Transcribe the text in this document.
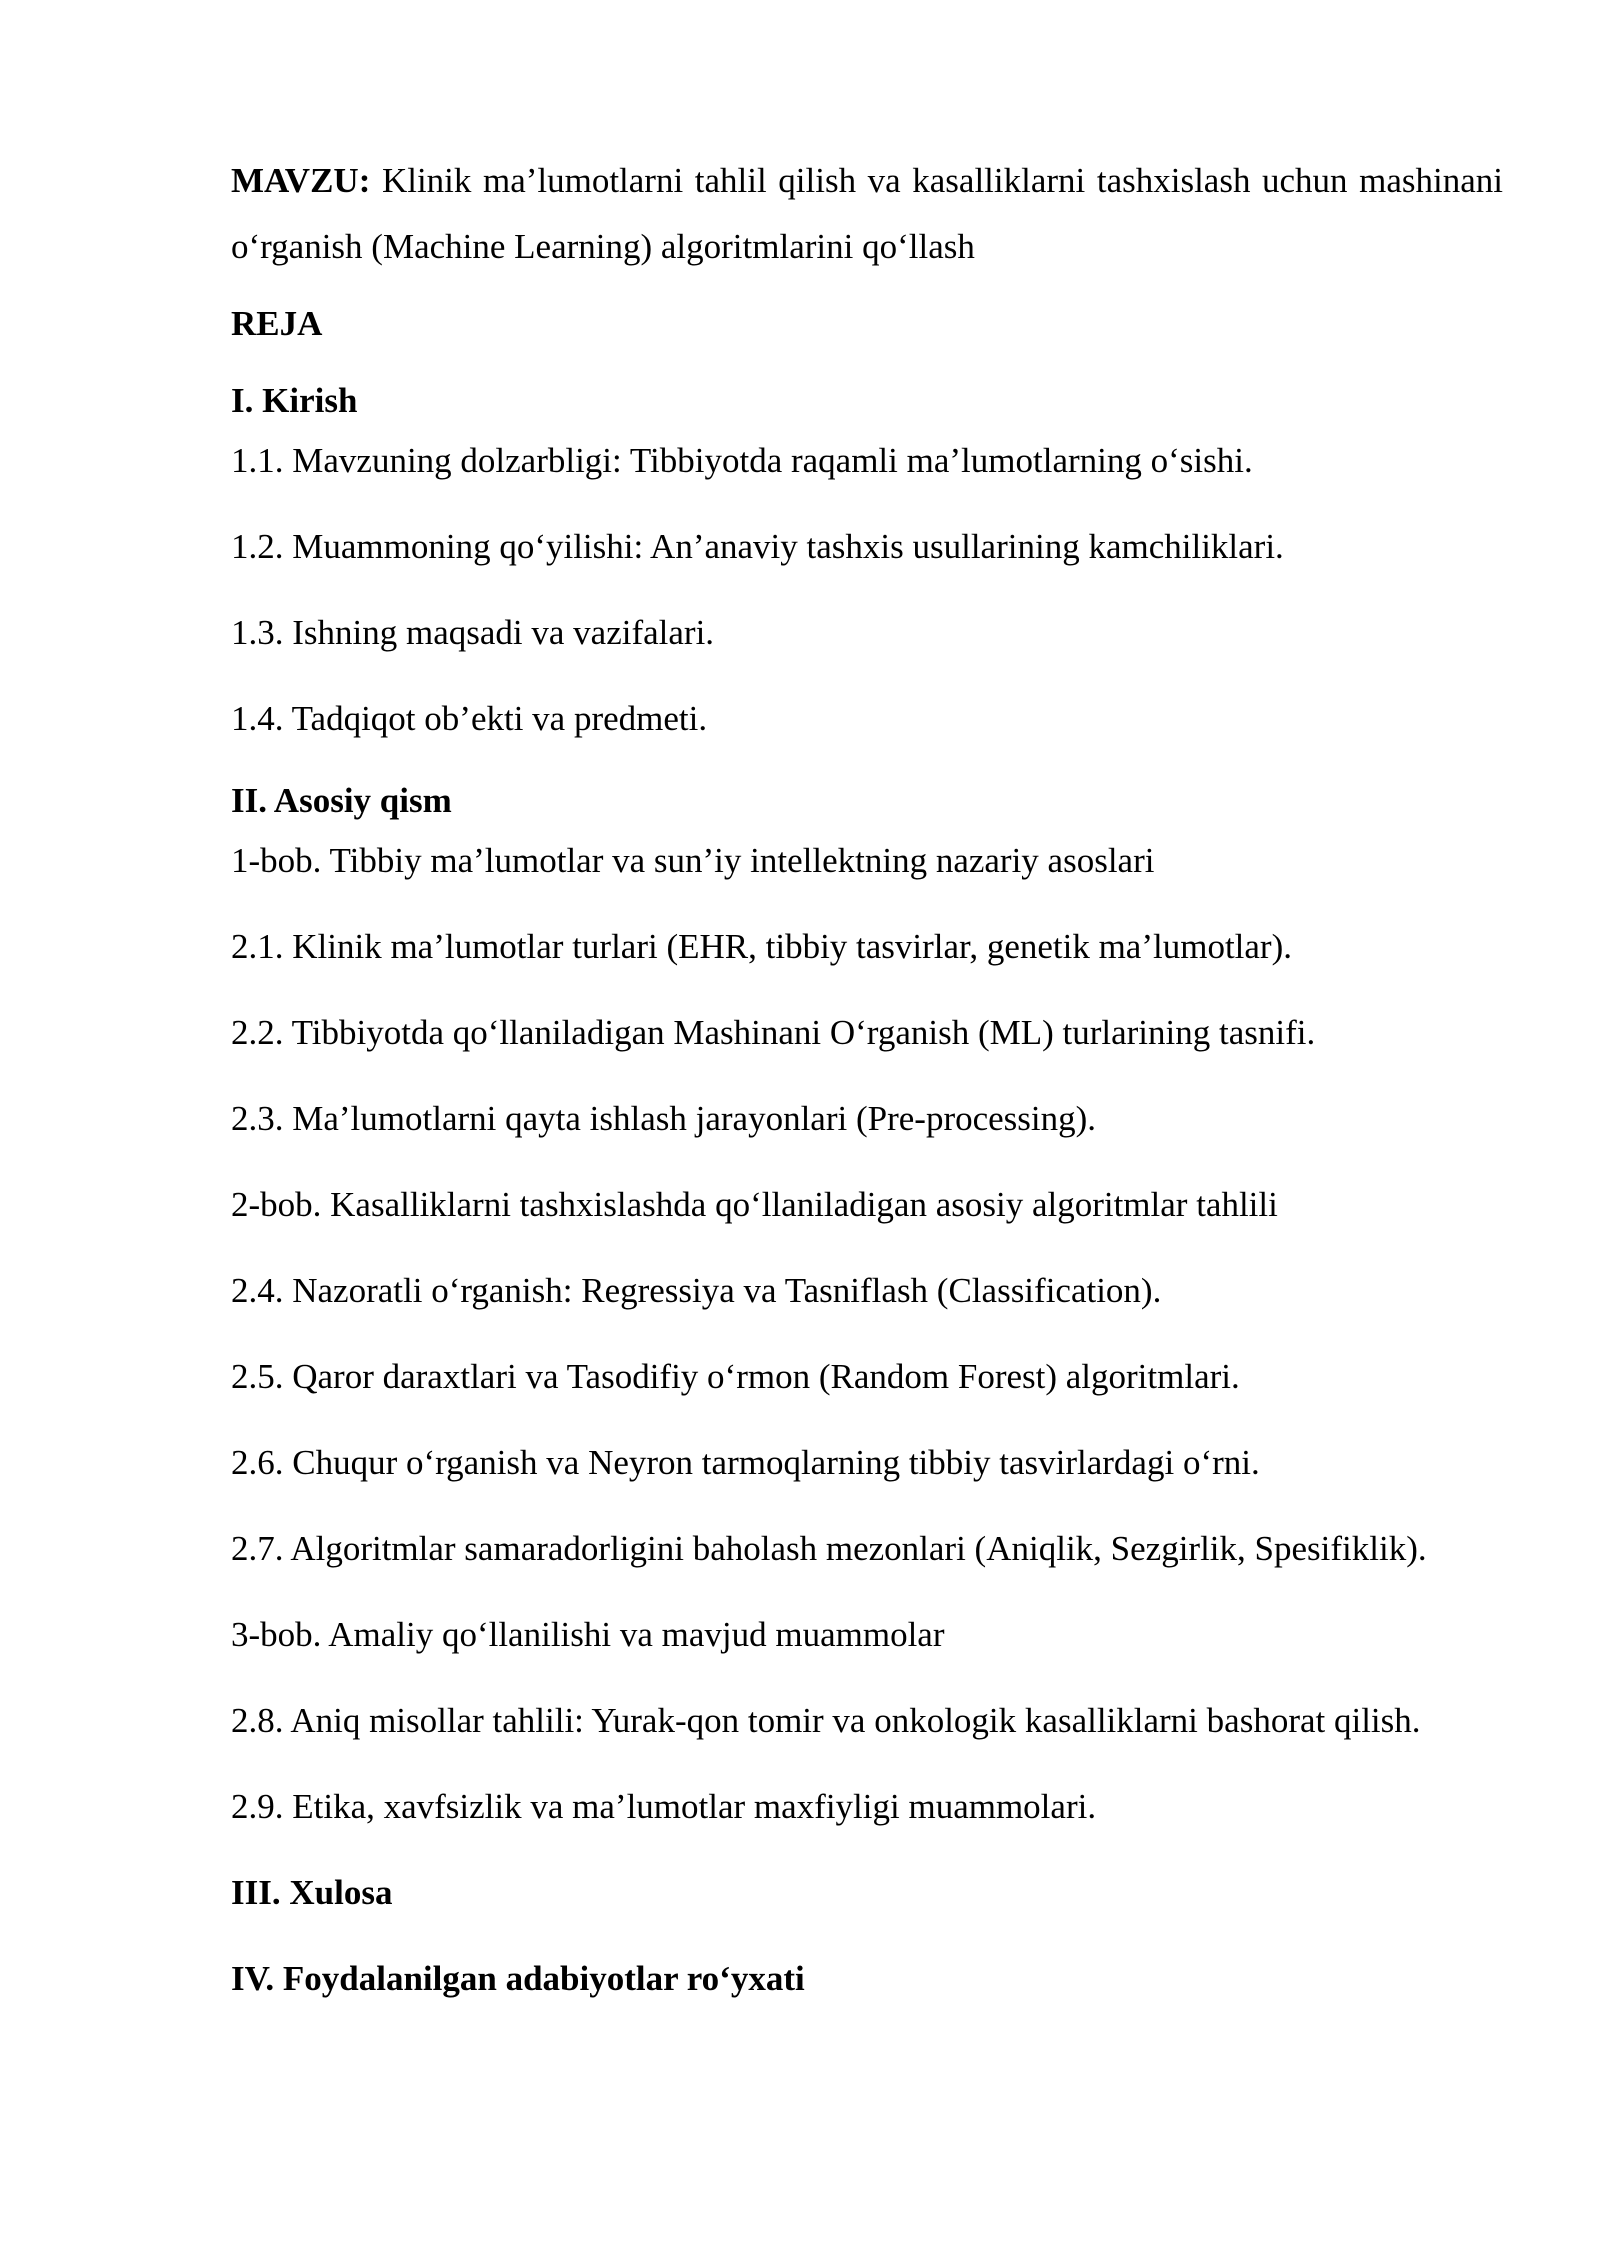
MAVZU: Klinik ma’lumotlarni tahlil qilish va kasalliklarni tashxislash uchun mashinani o‘rganish (Machine Learning) algoritmlarini qo‘llash

REJA

I. Kirish

1.1. Mavzuning dolzarbligi: Tibbiyotda raqamli ma’lumotlarning o‘sishi.

1.2. Muammoning qo‘yilishi: An’anaviy tashxis usullarining kamchiliklari.

1.3. Ishning maqsadi va vazifalari.

1.4. Tadqiqot ob’ekti va predmeti.

II. Asosiy qism

1-bob. Tibbiy ma’lumotlar va sun’iy intellektning nazariy asoslari

2.1. Klinik ma’lumotlar turlari (EHR, tibbiy tasvirlar, genetik ma’lumotlar).

2.2. Tibbiyotda qo‘llaniladigan Mashinani O‘rganish (ML) turlarining tasnifi.

2.3. Ma’lumotlarni qayta ishlash jarayonlari (Pre-processing).

2-bob. Kasalliklarni tashxislashda qo‘llaniladigan asosiy algoritmlar tahlili

2.4. Nazoratli o‘rganish: Regressiya va Tasniflash (Classification).

2.5. Qaror daraxtlari va Tasodifiy o‘rmon (Random Forest) algoritmlari.

2.6. Chuqur o‘rganish va Neyron tarmoqlarning tibbiy tasvirlardagi o‘rni.

2.7. Algoritmlar samaradorligini baholash mezonlari (Aniqlik, Sezgirlik, Spesifiklik).

3-bob. Amaliy qo‘llanilishi va mavjud muammolar

2.8. Aniq misollar tahlili: Yurak-qon tomir va onkologik kasalliklarni bashorat qilish.

2.9. Etika, xavfsizlik va ma’lumotlar maxfiyligi muammolari.

III. Xulosa

IV. Foydalanilgan adabiyotlar ro‘yxati
